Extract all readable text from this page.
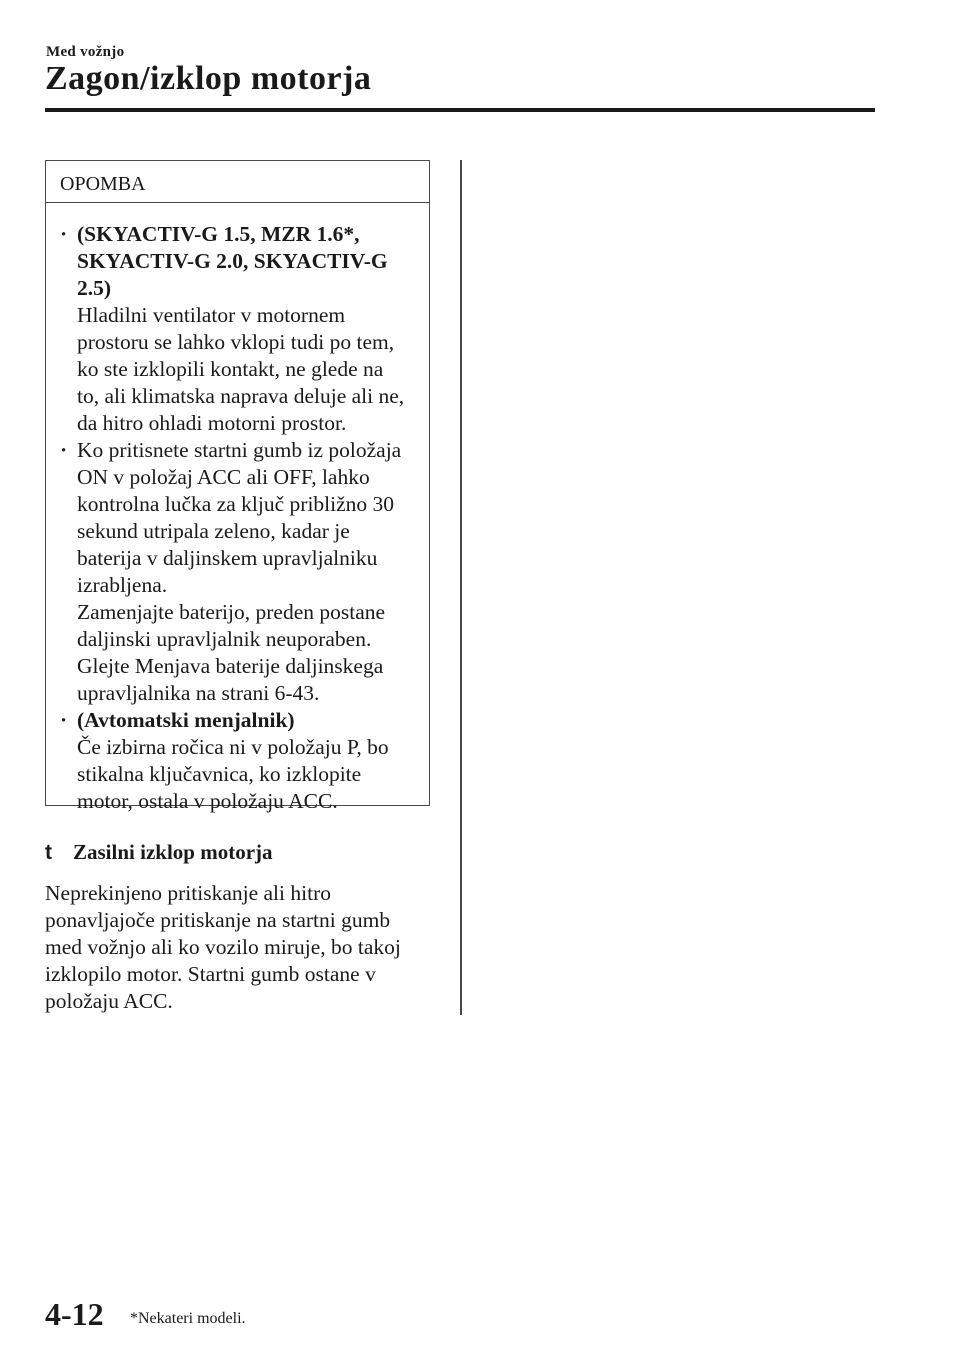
Med vožnjo
Zagon/izklop motorja
OPOMBA
· (SKYACTIV-G 1.5, MZR 1.6*,
SKYACTIV-G 2.0, SKYACTIV-G
2.5)
Hladilni ventilator v motornem
prostoru se lahko vklopi tudi po tem,
ko ste izklopili kontakt, ne glede na
to, ali klimatska naprava deluje ali ne,
da hitro ohladi motorni prostor.
· Ko pritisnete startni gumb iz položaja
ON v položaj ACC ali OFF, lahko
kontrolna lučka za ključ približno 30
sekund utripala zeleno, kadar je
baterija v daljinskem upravljalniku
izrabljena.
Zamenjajte baterijo, preden postane
daljinski upravljalnik neuporaben.
Glejte Menjava baterije daljinskega
upravljalnika na strani 6-43.
· (Avtomatski menjalnik)
Če izbirna ročica ni v položaju P, bo
stikalna ključavnica, ko izklopite
motor, ostala v položaju ACC.
t Zasilni izklop motorja
Neprekinjeno pritiskanje ali hitro
ponavljajoče pritiskanje na startni gumb
med vožnjo ali ko vozilo miruje, bo takoj
izklopilo motor. Startni gumb ostane v
položaju ACC.
4-12 *Nekateri modeli.
